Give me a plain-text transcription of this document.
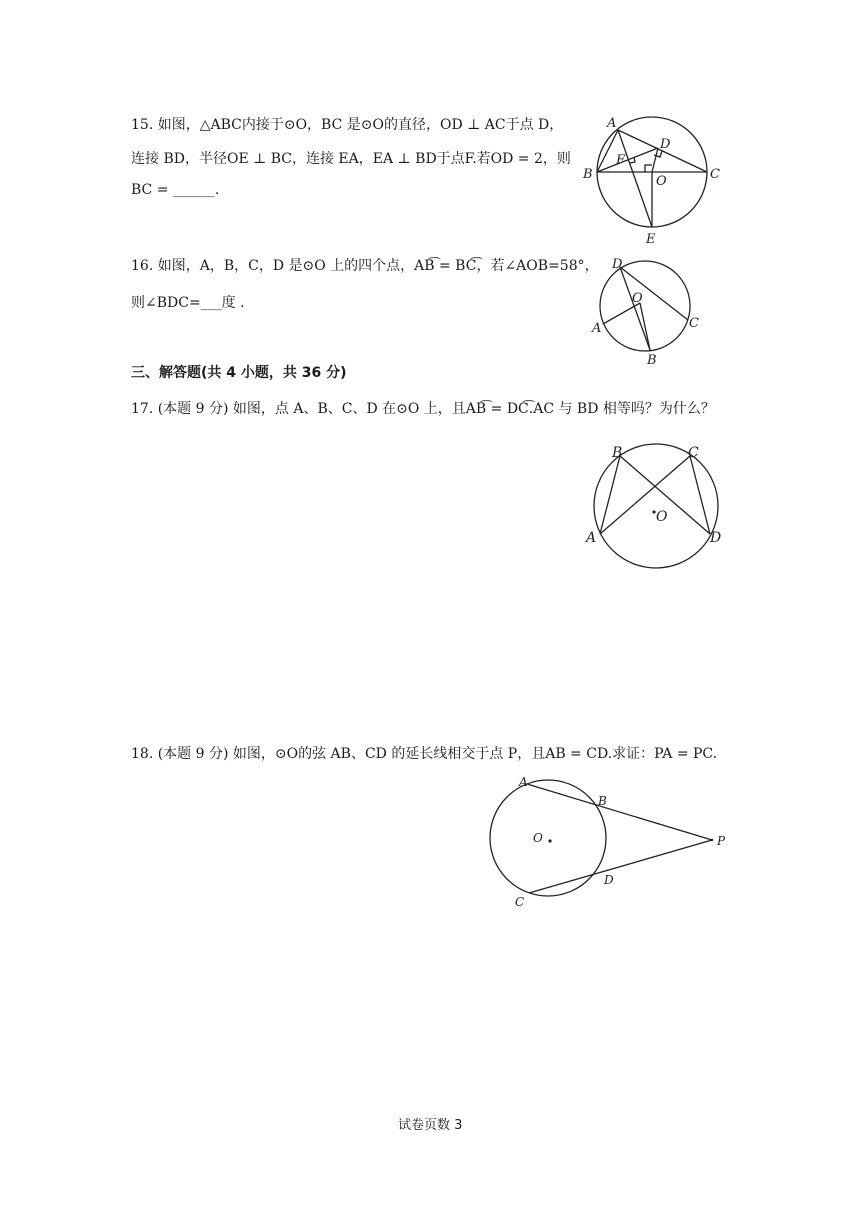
15. 如图，△ABC内接于⊙O，BC 是⊙O的直径，OD ⊥ AC于点 D，
连接 BD，半径OE ⊥ BC，连接 EA，EA ⊥ BD于点F.若OD = 2，则
BC = ______.
A
B	C
D
E
F
O
16. 如图，A，B，C，D 是⊙O 上的四个点，AB͡ = BC͡，若∠AOB=58°，
则∠BDC=___度 .
D
O
A	C
B
三、解答题(共 4 小题，共 36 分)
17. (本题 9 分) 如图，点 A、B、C、D 在⊙O 上，且AB͡ = DC͡.AC 与 BD 相等吗？为什么？
B	C
A	D
O
18. (本题 9 分) 如图，⊙O的弦 AB、CD 的延长线相交于点 P，且AB = CD.求证：PA = PC.
A
B
O	P
D
C
试卷页数 3
